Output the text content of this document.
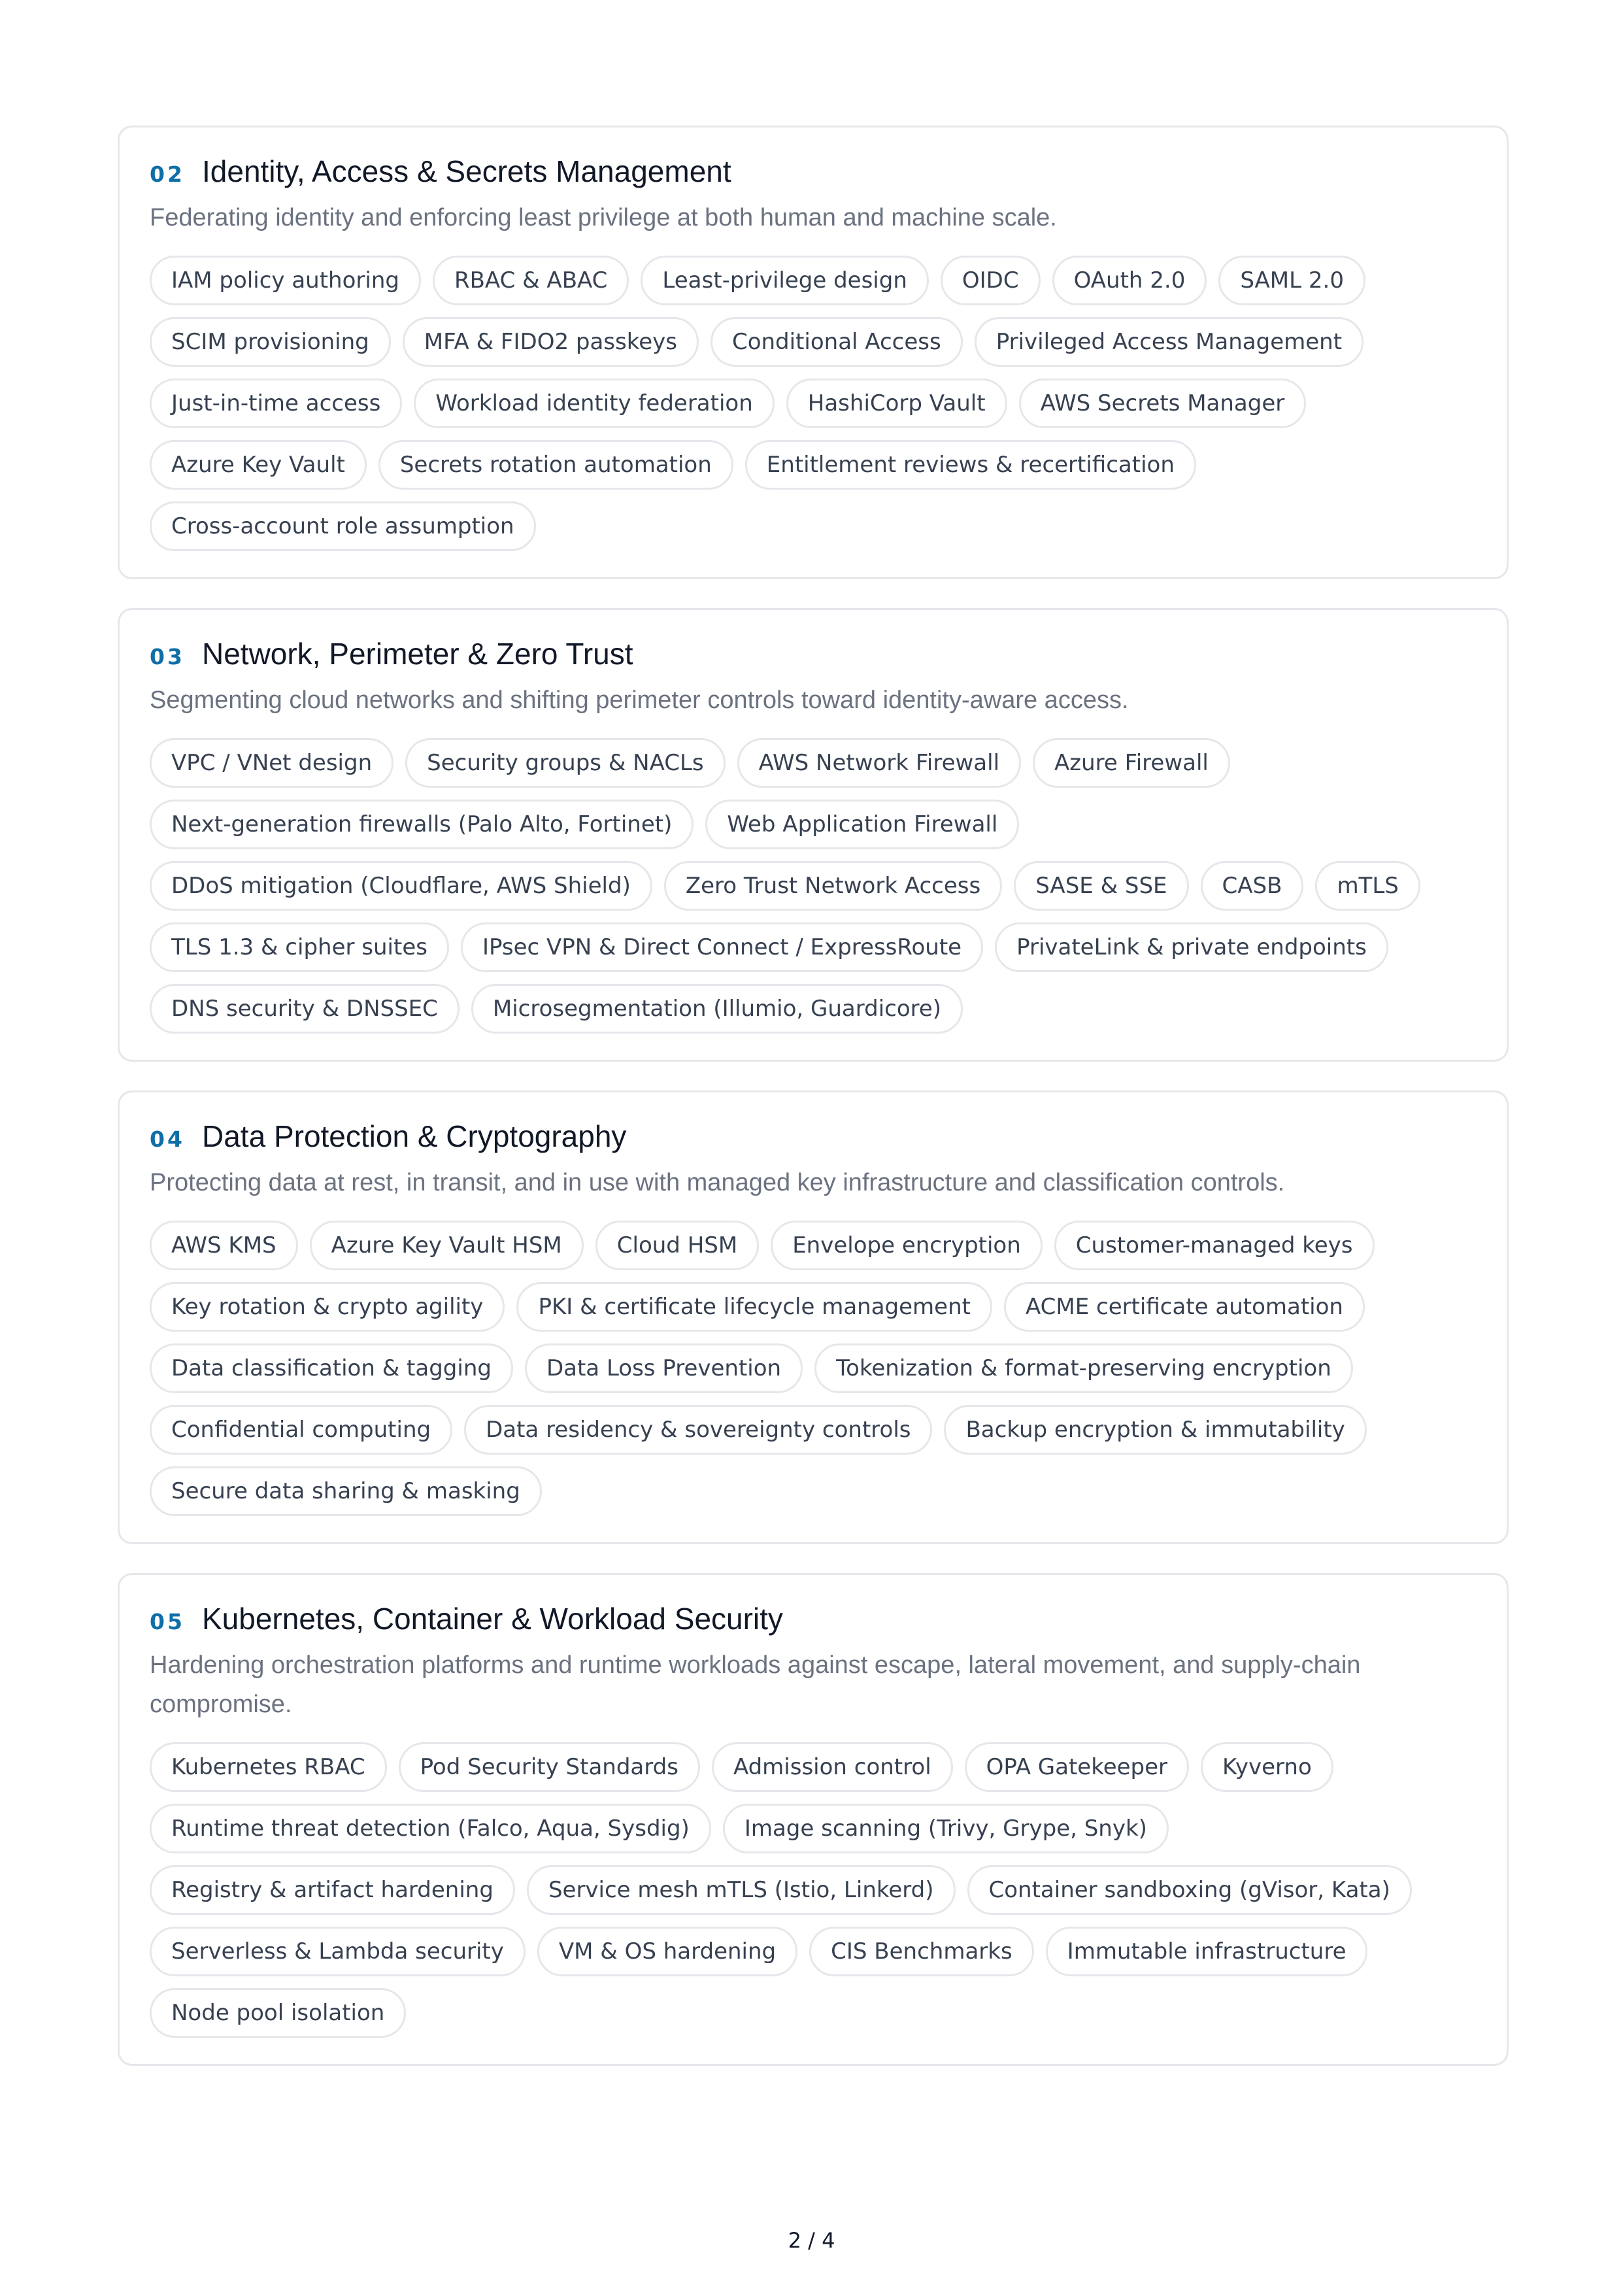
02 Identity, Access & Secrets Management

Federating identity and enforcing least privilege at both human and machine scale.

IAM policy authoring	RBAC & ABAC	Least-privilege design	OIDC	OAuth 2.0	SAML 2.0
SCIM provisioning	MFA & FIDO2 passkeys	Conditional Access	Privileged Access Management
Just-in-time access	Workload identity federation	HashiCorp Vault	AWS Secrets Manager
Azure Key Vault	Secrets rotation automation	Entitlement reviews & recertification
Cross-account role assumption
03 Network, Perimeter & Zero Trust

Segmenting cloud networks and shifting perimeter controls toward identity-aware access.

VPC / VNet design	Security groups & NACLs	AWS Network Firewall	Azure Firewall
Next-generation firewalls (Palo Alto, Fortinet)	Web Application Firewall
DDoS mitigation (Cloudflare, AWS Shield)	Zero Trust Network Access	SASE & SSE	CASB	mTLS
TLS 1.3 & cipher suites	IPsec VPN & Direct Connect / ExpressRoute	PrivateLink & private endpoints
DNS security & DNSSEC	Microsegmentation (Illumio, Guardicore)
04 Data Protection & Cryptography

Protecting data at rest, in transit, and in use with managed key infrastructure and classification controls.

AWS KMS	Azure Key Vault HSM	Cloud HSM	Envelope encryption	Customer-managed keys
Key rotation & crypto agility	PKI & certificate lifecycle management	ACME certificate automation
Data classification & tagging	Data Loss Prevention	Tokenization & format-preserving encryption
Confidential computing	Data residency & sovereignty controls	Backup encryption & immutability
Secure data sharing & masking
05 Kubernetes, Container & Workload Security

Hardening orchestration platforms and runtime workloads against escape, lateral movement, and supply-chain compromise.

Kubernetes RBAC	Pod Security Standards	Admission control	OPA Gatekeeper	Kyverno
Runtime threat detection (Falco, Aqua, Sysdig)	Image scanning (Trivy, Grype, Snyk)
Registry & artifact hardening	Service mesh mTLS (Istio, Linkerd)	Container sandboxing (gVisor, Kata)
Serverless & Lambda security	VM & OS hardening	CIS Benchmarks	Immutable infrastructure
Node pool isolation
2 / 4
